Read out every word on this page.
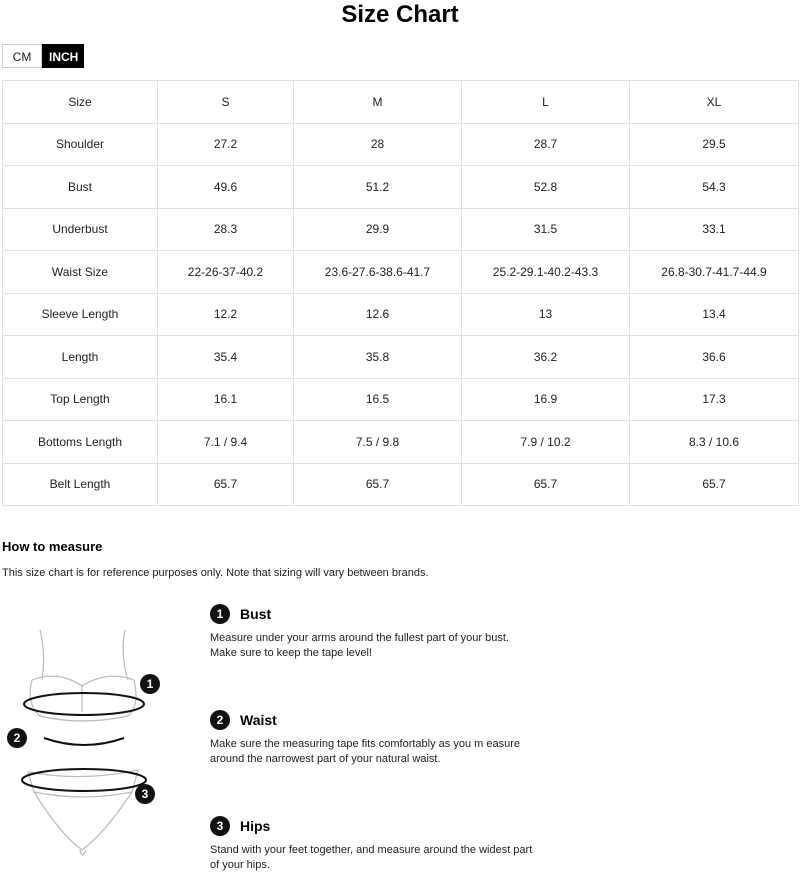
Size Chart
CM	INCH
Size	S	M	L	XL
Shoulder	27.2	28	28.7	29.5
Bust	49.6	51.2	52.8	54.3
Underbust	28.3	29.9	31.5	33.1
Waist Size	22-26-37-40.2	23.6-27.6-38.6-41.7	25.2-29.1-40.2-43.3	26.8-30.7-41.7-44.9
Sleeve Length	12.2	12.6	13	13.4
Length	35.4	35.8	36.2	36.6
Top Length	16.1	16.5	16.9	17.3
Bottoms Length	7.1 / 9.4	7.5 / 9.8	7.9 / 10.2	8.3 / 10.6
Belt Length	65.7	65.7	65.7	65.7
How to measure
This size chart is for reference purposes only. Note that sizing will vary between brands.
1
2
3
1	Bust
Measure under your arms around the fullest part of your bust. Make sure to keep the tape level!
2	Waist
Make sure the measuring tape fits comfortably as you m easure around the narrowest part of your natural waist.
3	Hips
Stand with your feet together, and measure around the widest part of your hips.
